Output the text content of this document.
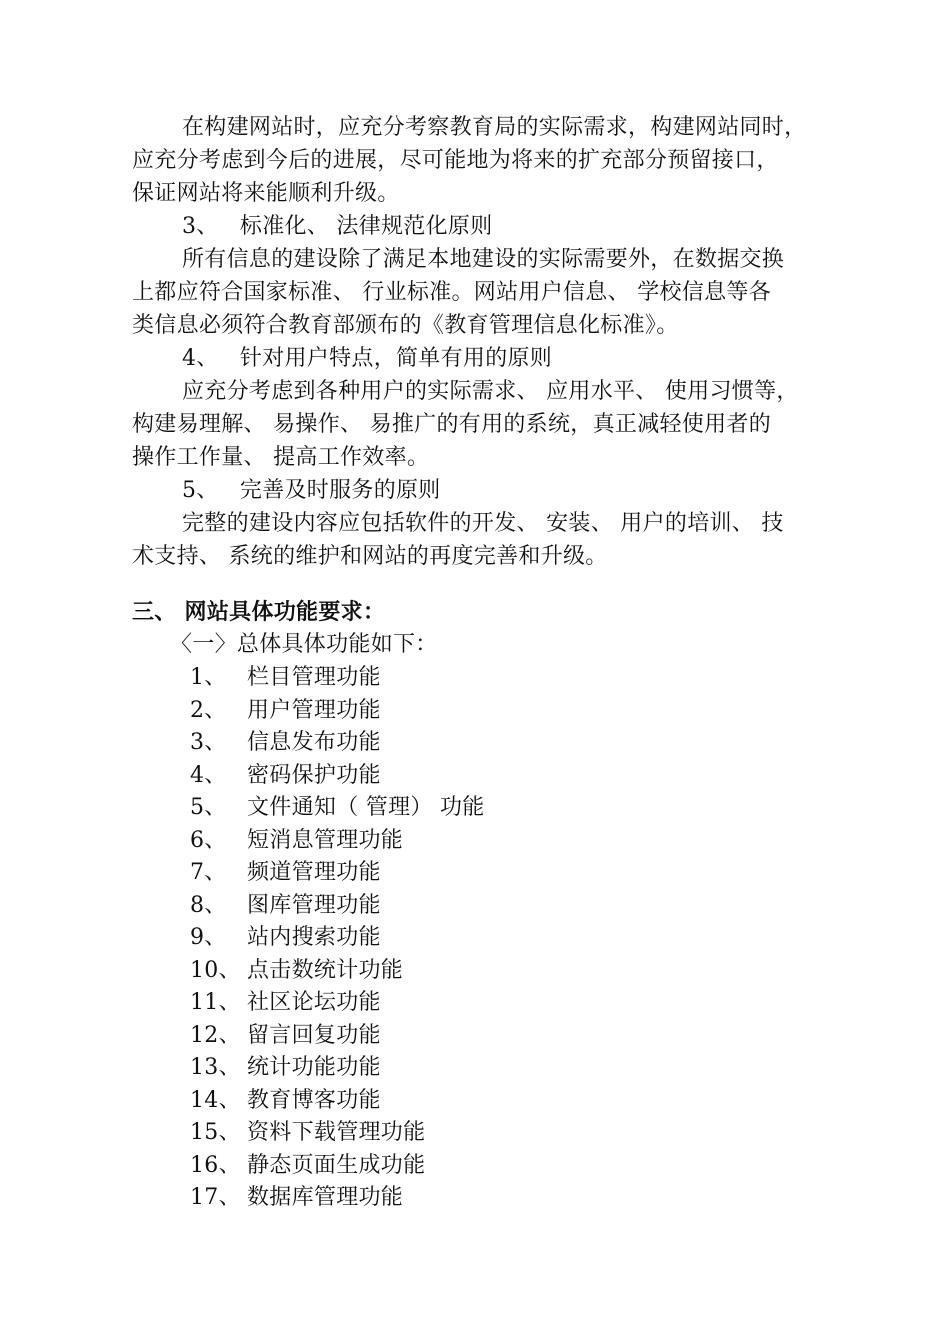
在构建网站时，应充分考察教育局的实际需求，构建网站同时，
应充分考虑到今后的进展，尽可能地为将来的扩充部分预留接口，
保证网站将来能顺利升级。
3、 标准化、 法律规范化原则
所有信息的建设除了满足本地建设的实际需要外，在数据交换
上都应符合国家标准、 行业标准。网站用户信息、 学校信息等各
类信息必须符合教育部颁布的《教育管理信息化标准》。
4、 针对用户特点，简单有用的原则
应充分考虑到各种用户的实际需求、 应用水平、 使用习惯等，
构建易理解、 易操作、 易推广的有用的系统，真正减轻使用者的
操作工作量、 提高工作效率。
5、 完善及时服务的原则
完整的建设内容应包括软件的开发、 安装、 用户的培训、 技
术支持、 系统的维护和网站的再度完善和升级。
三、 网站具体功能要求：
〈一〉总体具体功能如下：
1、 栏目管理功能
2、 用户管理功能
3、 信息发布功能
4、 密码保护功能
5、 文件通知（ 管理） 功能
6、 短消息管理功能
7、 频道管理功能
8、 图库管理功能
9、 站内搜索功能
10、 点击数统计功能
11、 社区论坛功能
12、 留言回复功能
13、 统计功能功能
14、 教育博客功能
15、 资料下载管理功能
16、 静态页面生成功能
17、 数据库管理功能
